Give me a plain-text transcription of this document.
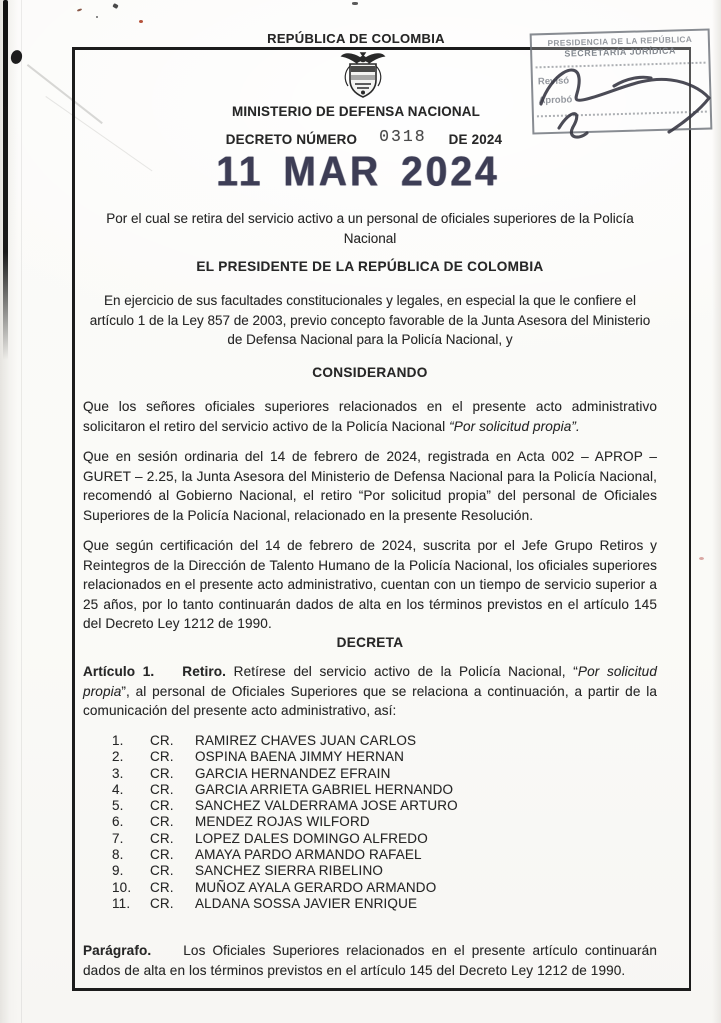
REPÚBLICA DE COLOMBIA
MINISTERIO DE DEFENSA NACIONAL
DECRETO NÚMERO 0318 DE 2024
11 MAR 2024
PRESIDENCIA DE LA REPÚBLICA
SECRETARÍA JURÍDICA
Revisó
Aprobó
Por el cual se retira del servicio activo a un personal de oficiales superiores de la Policía Nacional
EL PRESIDENTE DE LA REPÚBLICA DE COLOMBIA
En ejercicio de sus facultades constitucionales y legales, en especial la que le confiere el artículo 1 de la Ley 857 de 2003, previo concepto favorable de la Junta Asesora del Ministerio de Defensa Nacional para la Policía Nacional, y
CONSIDERANDO
Que los señores oficiales superiores relacionados en el presente acto administrativo solicitaron el retiro del servicio activo de la Policía Nacional “Por solicitud propia”.
Que en sesión ordinaria del 14 de febrero de 2024, registrada en Acta 002 – APROP – GURET – 2.25, la Junta Asesora del Ministerio de Defensa Nacional para la Policía Nacional, recomendó al Gobierno Nacional, el retiro “Por solicitud propia” del personal de Oficiales Superiores de la Policía Nacional, relacionado en la presente Resolución.
Que según certificación del 14 de febrero de 2024, suscrita por el Jefe Grupo Retiros y Reintegros de la Dirección de Talento Humano de la Policía Nacional, los oficiales superiores relacionados en el presente acto administrativo, cuentan con un tiempo de servicio superior a 25 años, por lo tanto continuarán dados de alta en los términos previstos en el artículo 145 del Decreto Ley 1212 de 1990.
DECRETA
Artículo 1. Retiro. Retírese del servicio activo de la Policía Nacional, “Por solicitud propia”, al personal de Oficiales Superiores que se relaciona a continuación, a partir de la comunicación del presente acto administrativo, así:
1.	CR.	RAMIREZ CHAVES JUAN CARLOS
2.	CR.	OSPINA BAENA JIMMY HERNAN
3.	CR.	GARCIA HERNANDEZ EFRAIN
4.	CR.	GARCIA ARRIETA GABRIEL HERNANDO
5.	CR.	SANCHEZ VALDERRAMA JOSE ARTURO
6.	CR.	MENDEZ ROJAS WILFORD
7.	CR.	LOPEZ DALES DOMINGO ALFREDO
8.	CR.	AMAYA PARDO ARMANDO RAFAEL
9.	CR.	SANCHEZ SIERRA RIBELINO
10.	CR.	MUÑOZ AYALA GERARDO ARMANDO
11.	CR.	ALDANA SOSSA JAVIER ENRIQUE
Parágrafo. Los Oficiales Superiores relacionados en el presente artículo continuarán dados de alta en los términos previstos en el artículo 145 del Decreto Ley 1212 de 1990.
